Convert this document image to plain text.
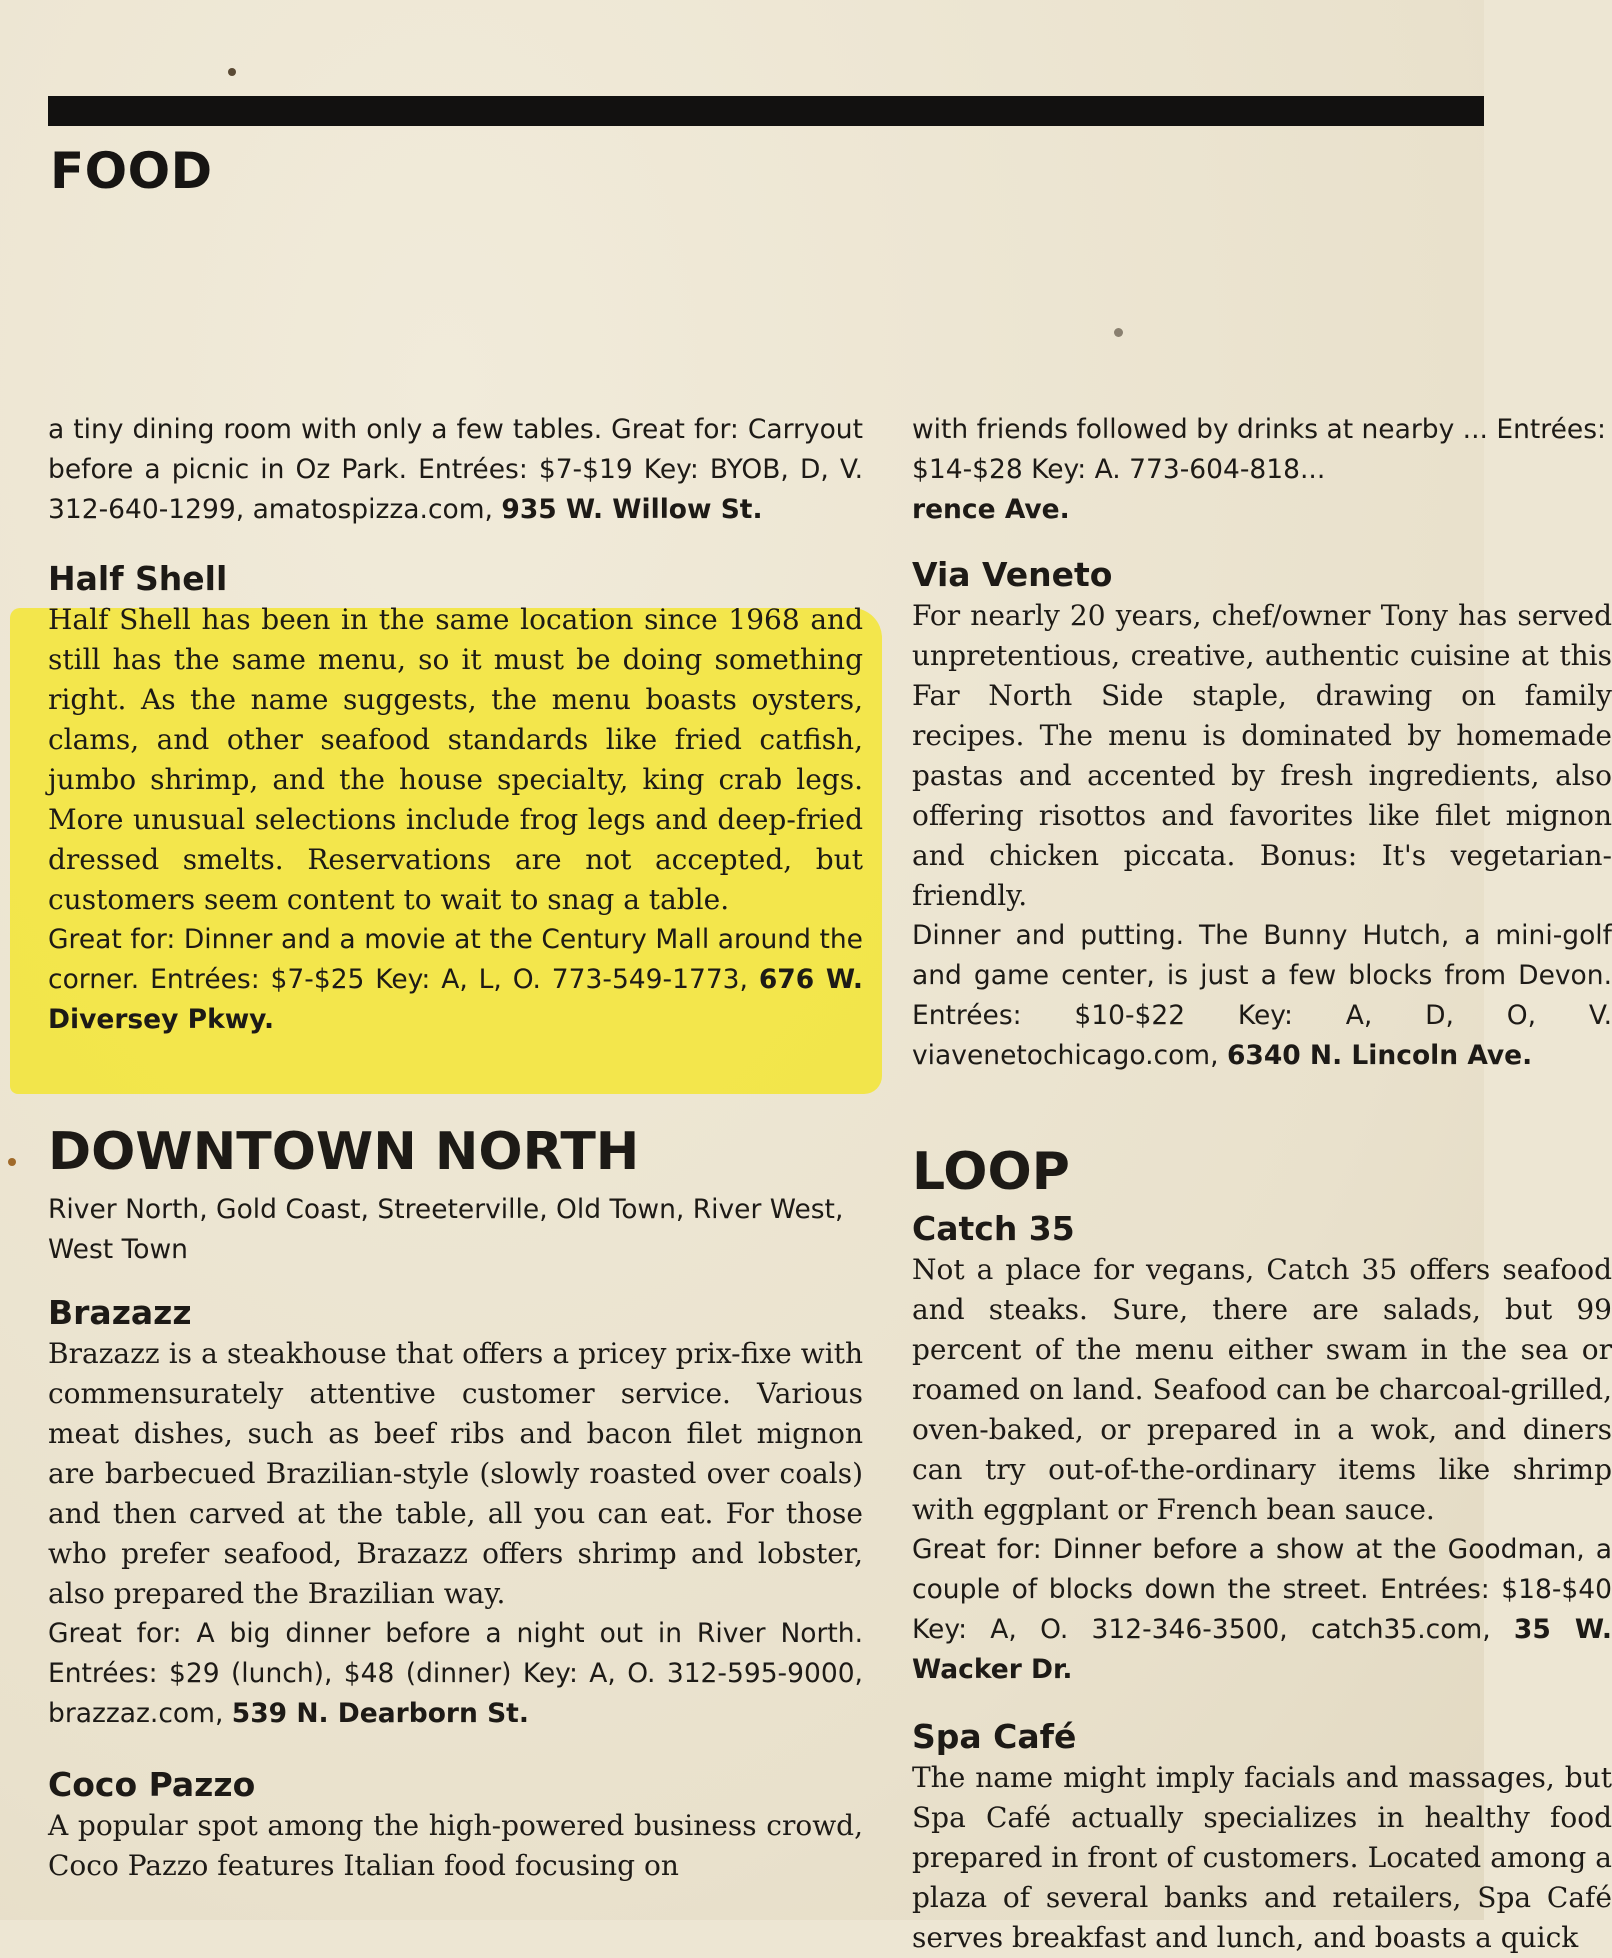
FOOD

a tiny dining room with only a few tables. Great for: Carryout before a picnic in Oz Park. Entrées: $7-$19 Key: BYOB, D, V. 312-640-1299, amatospizza.com, 935 W. Willow St.

Half Shell

Half Shell has been in the same location since 1968 and still has the same menu, so it must be doing something right. As the name suggests, the menu boasts oysters, clams, and other seafood standards like fried catfish, jumbo shrimp, and the house specialty, king crab legs. More unusual selections include frog legs and deep-fried dressed smelts. Reservations are not accepted, but customers seem content to wait to snag a table.

Great for: Dinner and a movie at the Century Mall around the corner. Entrées: $7-$25 Key: A, L, O. 773-549-1773, 676 W. Diversey Pkwy.

DOWNTOWN NORTH

River North, Gold Coast, Streeterville, Old Town, River West, West Town

Brazazz

Brazazz is a steakhouse that offers a pricey prix-fixe with commensurately attentive customer service. Various meat dishes, such as beef ribs and bacon filet mignon are barbecued Brazilian-style (slowly roasted over coals) and then carved at the table, all you can eat. For those who prefer seafood, Brazazz offers shrimp and lobster, also prepared the Brazilian way.

Great for: A big dinner before a night out in River North. Entrées: $29 (lunch), $48 (dinner) Key: A, O. 312-595-9000, brazzaz.com, 539 N. Dearborn St.

Coco Pazzo

A popular spot among the high-powered business crowd, Coco Pazzo features Italian food focusing on

with friends followed by drinks at nearby ... Entrées: $14-$28 Key: A. 773-604-818...
rence Ave.

Via Veneto

For nearly 20 years, chef/owner Tony has served unpretentious, creative, authentic cuisine at this Far North Side staple, drawing on family recipes. The menu is dominated by homemade pastas and accented by fresh ingredients, also offering risottos and favorites like filet mignon and chicken piccata. Bonus: It's vegetarian-friendly.

Dinner and putting. The Bunny Hutch, a mini-golf and game center, is just a few blocks from Devon. Entrées: $10-$22 Key: A, D, O, V. viavenetochicago.com, 6340 N. Lincoln Ave.

LOOP
Catch 35

Not a place for vegans, Catch 35 offers seafood and steaks. Sure, there are salads, but 99 percent of the menu either swam in the sea or roamed on land. Seafood can be charcoal-grilled, oven-baked, or prepared in a wok, and diners can try out-of-the-ordinary items like shrimp with eggplant or French bean sauce.

Great for: Dinner before a show at the Goodman, a couple of blocks down the street. Entrées: $18-$40 Key: A, O. 312-346-3500, catch35.com, 35 W. Wacker Dr.

Spa Café

The name might imply facials and massages, but Spa Café actually specializes in healthy food prepared in front of customers. Located among a plaza of several banks and retailers, Spa Café serves breakfast and lunch, and boasts a quick
